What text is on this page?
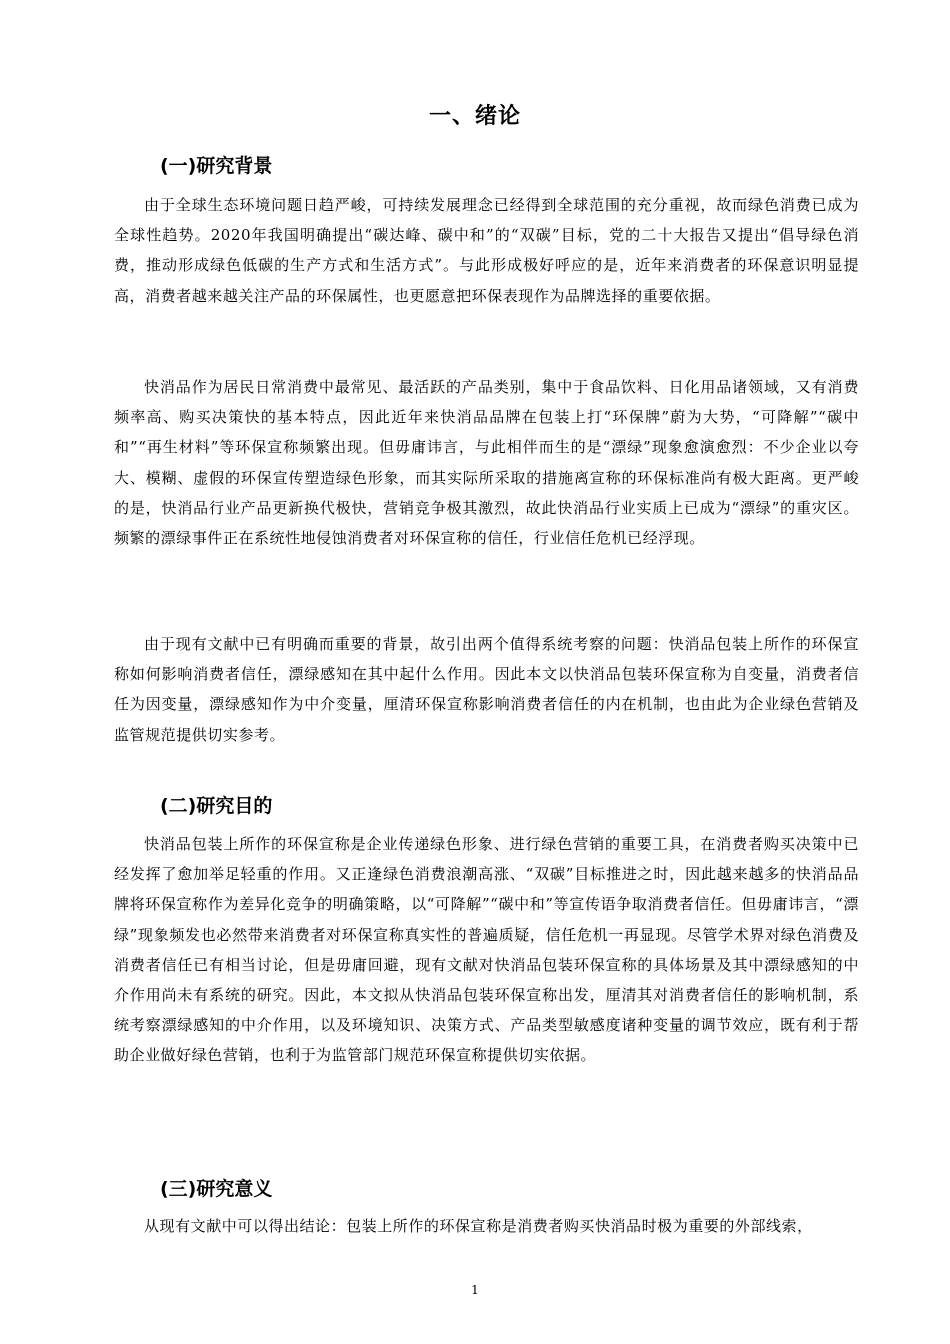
一、绪论
(一)研究背景

由于全球生态环境问题日趋严峻，可持续发展理念已经得到全球范围的充分重视，故而绿色消费已成为全球性趋势。2020年我国明确提出“碳达峰、碳中和”的“双碳”目标，党的二十大报告又提出“倡导绿色消费，推动形成绿色低碳的生产方式和生活方式”。与此形成极好呼应的是，近年来消费者的环保意识明显提高，消费者越来越关注产品的环保属性，也更愿意把环保表现作为品牌选择的重要依据。

快消品作为居民日常消费中最常见、最活跃的产品类别，集中于食品饮料、日化用品诸领域，又有消费频率高、购买决策快的基本特点，因此近年来快消品品牌在包装上打“环保牌”蔚为大势，“可降解”“碳中和”“再生材料”等环保宣称频繁出现。但毋庸讳言，与此相伴而生的是“漂绿”现象愈演愈烈：不少企业以夸大、模糊、虚假的环保宣传塑造绿色形象，而其实际所采取的措施离宣称的环保标准尚有极大距离。更严峻的是，快消品行业产品更新换代极快，营销竞争极其激烈，故此快消品行业实质上已成为“漂绿”的重灾区。频繁的漂绿事件正在系统性地侵蚀消费者对环保宣称的信任，行业信任危机已经浮现。

由于现有文献中已有明确而重要的背景，故引出两个值得系统考察的问题：快消品包装上所作的环保宣称如何影响消费者信任，漂绿感知在其中起什么作用。因此本文以快消品包装环保宣称为自变量，消费者信任为因变量，漂绿感知作为中介变量，厘清环保宣称影响消费者信任的内在机制，也由此为企业绿色营销及监管规范提供切实参考。

(二)研究目的

快消品包装上所作的环保宣称是企业传递绿色形象、进行绿色营销的重要工具，在消费者购买决策中已经发挥了愈加举足轻重的作用。又正逢绿色消费浪潮高涨、“双碳”目标推进之时，因此越来越多的快消品品牌将环保宣称作为差异化竞争的明确策略，以“可降解”“碳中和”等宣传语争取消费者信任。但毋庸讳言，“漂绿”现象频发也必然带来消费者对环保宣称真实性的普遍质疑，信任危机一再显现。尽管学术界对绿色消费及消费者信任已有相当讨论，但是毋庸回避，现有文献对快消品包装环保宣称的具体场景及其中漂绿感知的中介作用尚未有系统的研究。因此，本文拟从快消品包装环保宣称出发，厘清其对消费者信任的影响机制，系统考察漂绿感知的中介作用，以及环境知识、决策方式、产品类型敏感度诸种变量的调节效应，既有利于帮助企业做好绿色营销，也利于为监管部门规范环保宣称提供切实依据。

(三)研究意义

从现有文献中可以得出结论：包装上所作的环保宣称是消费者购买快消品时极为重要的外部线索，

1
